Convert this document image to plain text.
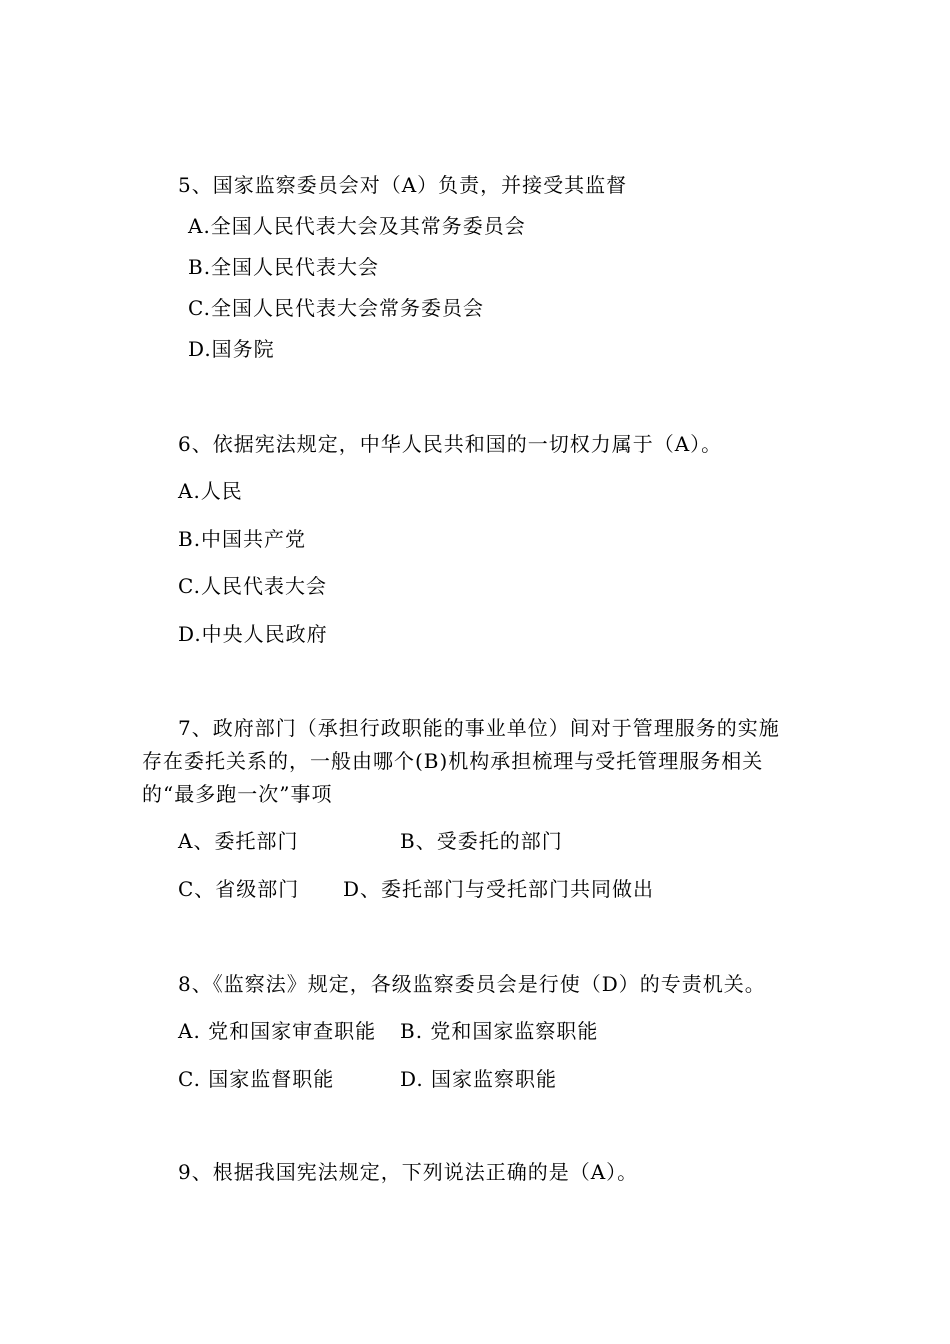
5、国家监察委员会对（A）负责，并接受其监督
A.全国人民代表大会及其常务委员会
B.全国人民代表大会
C.全国人民代表大会常务委员会
D.国务院
6、依据宪法规定，中华人民共和国的一切权力属于（A）。
A.人民
B.中国共产党
C.人民代表大会
D.中央人民政府
7、政府部门（承担行政职能的事业单位）间对于管理服务的实施
存在委托关系的，一般由哪个(B)机构承担梳理与受托管理服务相关
的“最多跑一次”事项
A、委托部门	B、受委托的部门
C、省级部门 D、委托部门与受托部门共同做出
8、《监察法》规定，各级监察委员会是行使（D）的专责机关。
A. 党和国家审查职能 B. 党和国家监察职能
C. 国家监督职能	D. 国家监察职能
9、根据我国宪法规定，下列说法正确的是（A）。
